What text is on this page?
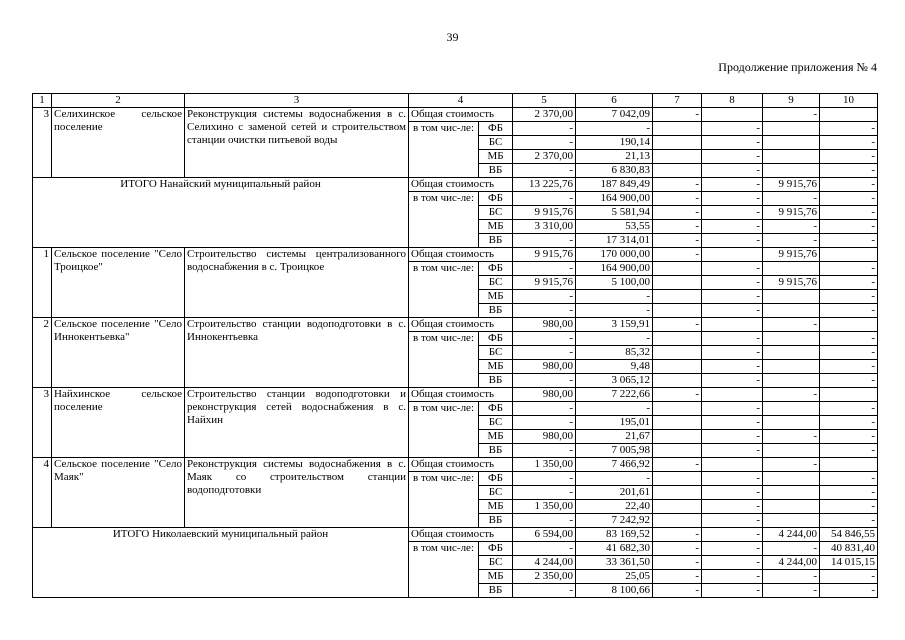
39
Продолжение приложения № 4
1	2	3	4		5	6	7	8	9	10
3	Селихинское сельское поселение	Реконструкция системы водоснабжения в с. Селихино с заменой сетей и строительством станции очистки питьевой воды	Общая стоимость		2 370,00	7 042,09	-		-	
			в том чис-ле:	ФБ	-	-		-		-
				БС	-	190,14		-		-
				МБ	2 370,00	21,13		-		-
				ВБ	-	6 830,83		-		-
ИТОГО Нанайский муниципальный район			Общая стоимость		13 225,76	187 849,49	-	-	9 915,76	-
			в том чис-ле:	ФБ	-	164 900,00	-	-	-	-
				БС	9 915,76	5 581,94	-	-	9 915,76	-
				МБ	3 310,00	53,55	-	-	-	-
				ВБ	-	17 314,01	-	-	-	-
1	Сельское поселение "Село Троицкое"	Строительство системы централизованного водоснабжения в с. Троицкое	Общая стоимость		9 915,76	170 000,00	-		9 915,76	
			в том чис-ле:	ФБ	-	164 900,00		-		-
				БС	9 915,76	5 100,00		-	9 915,76	-
				МБ	-	-		-		-
				ВБ	-	-		-		-
2	Сельское поселение "Село Иннокентьевка"	Строительство станции водоподготовки в с. Иннокентьевка	Общая стоимость		980,00	3 159,91	-		-	
			в том чис-ле:	ФБ	-	-		-		-
				БС	-	85,32		-		-
				МБ	980,00	9,48		-		-
				ВБ	-	3 065,12		-		-
3	Найхинское сельское поселение	Строительство станции водоподготовки и реконструкция сетей водоснабжения в с. Найхин	Общая стоимость		980,00	7 222,66	-		-	
			в том чис-ле:	ФБ	-	-		-		-
				БС	-	195,01		-		-
				МБ	980,00	21,67		-	-	-
				ВБ	-	7 005,98		-		-
4	Сельское поселение "Село Маяк"	Реконструкция системы водоснабжения в с. Маяк со строительством станции водоподготовки	Общая стоимость		1 350,00	7 466,92	-		-	
			в том чис-ле:	ФБ	-	-		-		-
				БС	-	201,61		-		-
				МБ	1 350,00	22,40		-		-
				ВБ	-	7 242,92		-		-
ИТОГО Николаевский муниципальный район			Общая стоимость		6 594,00	83 169,52	-	-	4 244,00	54 846,55
			в том чис-ле:	ФБ	-	41 682,30	-	-	-	40 831,40
				БС	4 244,00	33 361,50	-	-	4 244,00	14 015,15
				МБ	2 350,00	25,05	-	-	-	-
				ВБ	-	8 100,66	-	-	-	-
